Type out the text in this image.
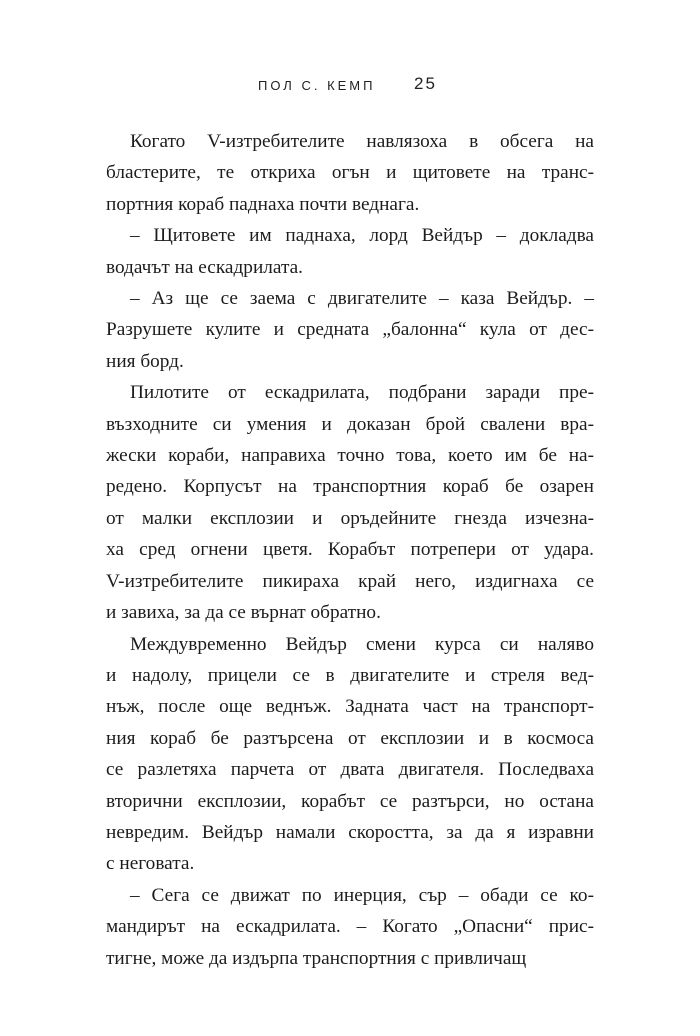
ПОЛ С. КЕМП 25
Когато V-изтребителите навлязоха в обсега на
бластерите, те откриха огън и щитовете на транс-
портния кораб паднаха почти веднага.
– Щитовете им паднаха, лорд Вейдър – докладва
водачът на ескадрилата.
– Аз ще се заема с двигателите – каза Вейдър. –
Разрушете кулите и средната „балонна“ кула от дес-
ния борд.
Пилотите от ескадрилата, подбрани заради пре-
възходните си умения и доказан брой свалени вра-
жески кораби, направиха точно това, което им бе на-
редено. Корпусът на транспортния кораб бе озарен
от малки експлозии и оръдейните гнезда изчезна-
ха сред огнени цветя. Корабът потрепери от удара.
V-изтребителите пикираха край него, издигнаха се
и завиха, за да се върнат обратно.
Междувременно Вейдър смени курса си наляво
и надолу, прицели се в двигателите и стреля вед-
нъж, после още веднъж. Задната част на транспорт-
ния кораб бе разтърсена от експлозии и в космоса
се разлетяха парчета от двата двигателя. Последваха
вторични експлозии, корабът се разтърси, но остана
невредим. Вейдър намали скоростта, за да я изравни
с неговата.
– Сега се движат по инерция, сър – обади се ко-
мандирът на ескадрилата. – Когато „Опасни“ прис-
тигне, може да издърпа транспортния с привличащ
